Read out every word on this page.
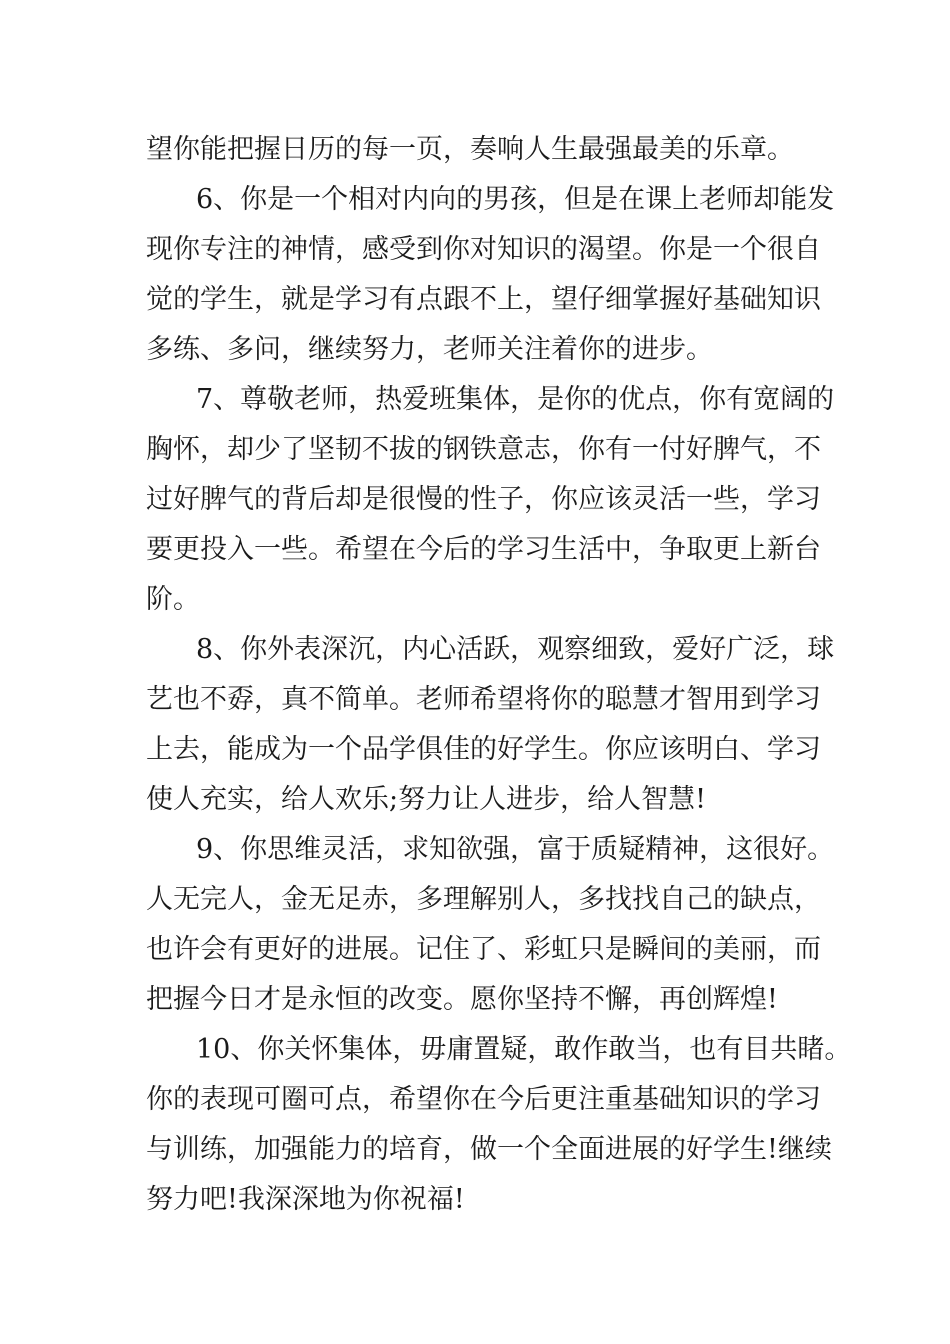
望你能把握日历的每一页，奏响人生最强最美的乐章。
6、你是一个相对内向的男孩，但是在课上老师却能发
现你专注的神情，感受到你对知识的渴望。你是一个很自
觉的学生，就是学习有点跟不上，望仔细掌握好基础知识
多练、多问，继续努力，老师关注着你的进步。
7、尊敬老师，热爱班集体，是你的优点，你有宽阔的
胸怀，却少了坚韧不拔的钢铁意志，你有一付好脾气，不
过好脾气的背后却是很慢的性子，你应该灵活一些，学习
要更投入一些。希望在今后的学习生活中，争取更上新台
阶。
8、你外表深沉，内心活跃，观察细致，爱好广泛，球
艺也不孬，真不简单。老师希望将你的聪慧才智用到学习
上去，能成为一个品学俱佳的好学生。你应该明白、学习
使人充实，给人欢乐;努力让人进步，给人智慧!
9、你思维灵活，求知欲强，富于质疑精神，这很好。
人无完人，金无足赤，多理解别人，多找找自己的缺点，
也许会有更好的进展。记住了、彩虹只是瞬间的美丽，而
把握今日才是永恒的改变。愿你坚持不懈，再创辉煌!
10、你关怀集体，毋庸置疑，敢作敢当，也有目共睹。
你的表现可圈可点，希望你在今后更注重基础知识的学习
与训练，加强能力的培育，做一个全面进展的好学生!继续
努力吧!我深深地为你祝福!
